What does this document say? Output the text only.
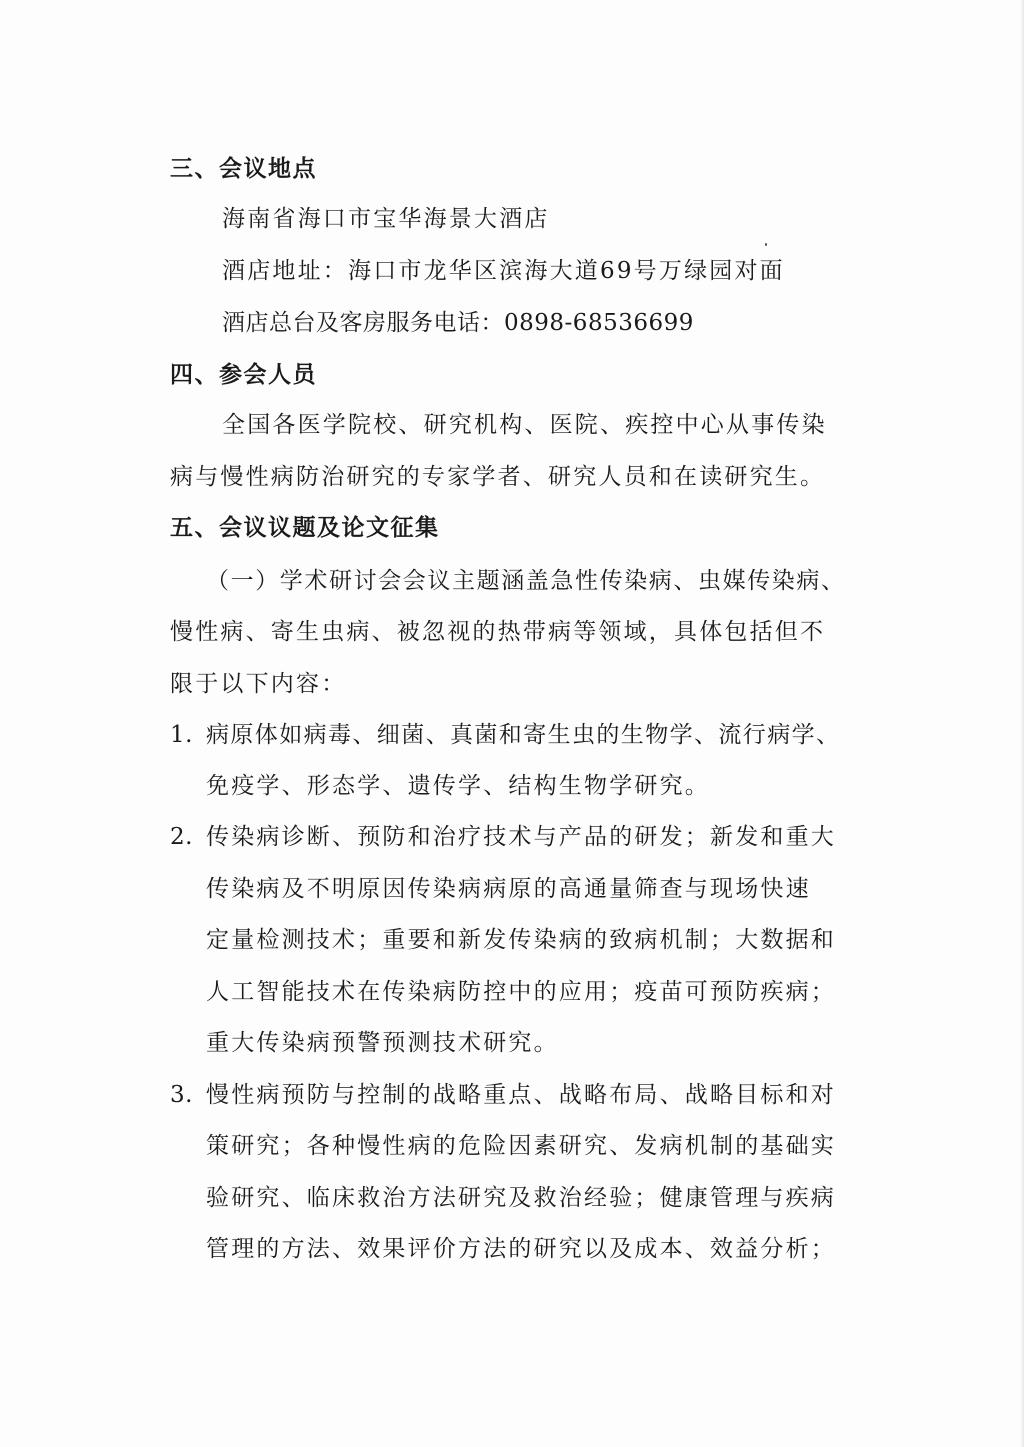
三、会议地点
海南省海口市宝华海景大酒店
酒店地址：海口市龙华区滨海大道69号万绿园对面
酒店总台及客房服务电话：0898-68536699
四、参会人员
全国各医学院校、研究机构、医院、疾控中心从事传染
病与慢性病防治研究的专家学者、研究人员和在读研究生。
五、会议议题及论文征集
（一）学术研讨会会议主题涵盖急性传染病、虫媒传染病、
慢性病、寄生虫病、被忽视的热带病等领域，具体包括但不
限于以下内容：
1. 病原体如病毒、细菌、真菌和寄生虫的生物学、流行病学、
免疫学、形态学、遗传学、结构生物学研究。
2. 传染病诊断、预防和治疗技术与产品的研发；新发和重大
传染病及不明原因传染病病原的高通量筛查与现场快速
定量检测技术；重要和新发传染病的致病机制；大数据和
人工智能技术在传染病防控中的应用；疫苗可预防疾病；
重大传染病预警预测技术研究。
3. 慢性病预防与控制的战略重点、战略布局、战略目标和对
策研究；各种慢性病的危险因素研究、发病机制的基础实
验研究、临床救治方法研究及救治经验；健康管理与疾病
管理的方法、效果评价方法的研究以及成本、效益分析；
